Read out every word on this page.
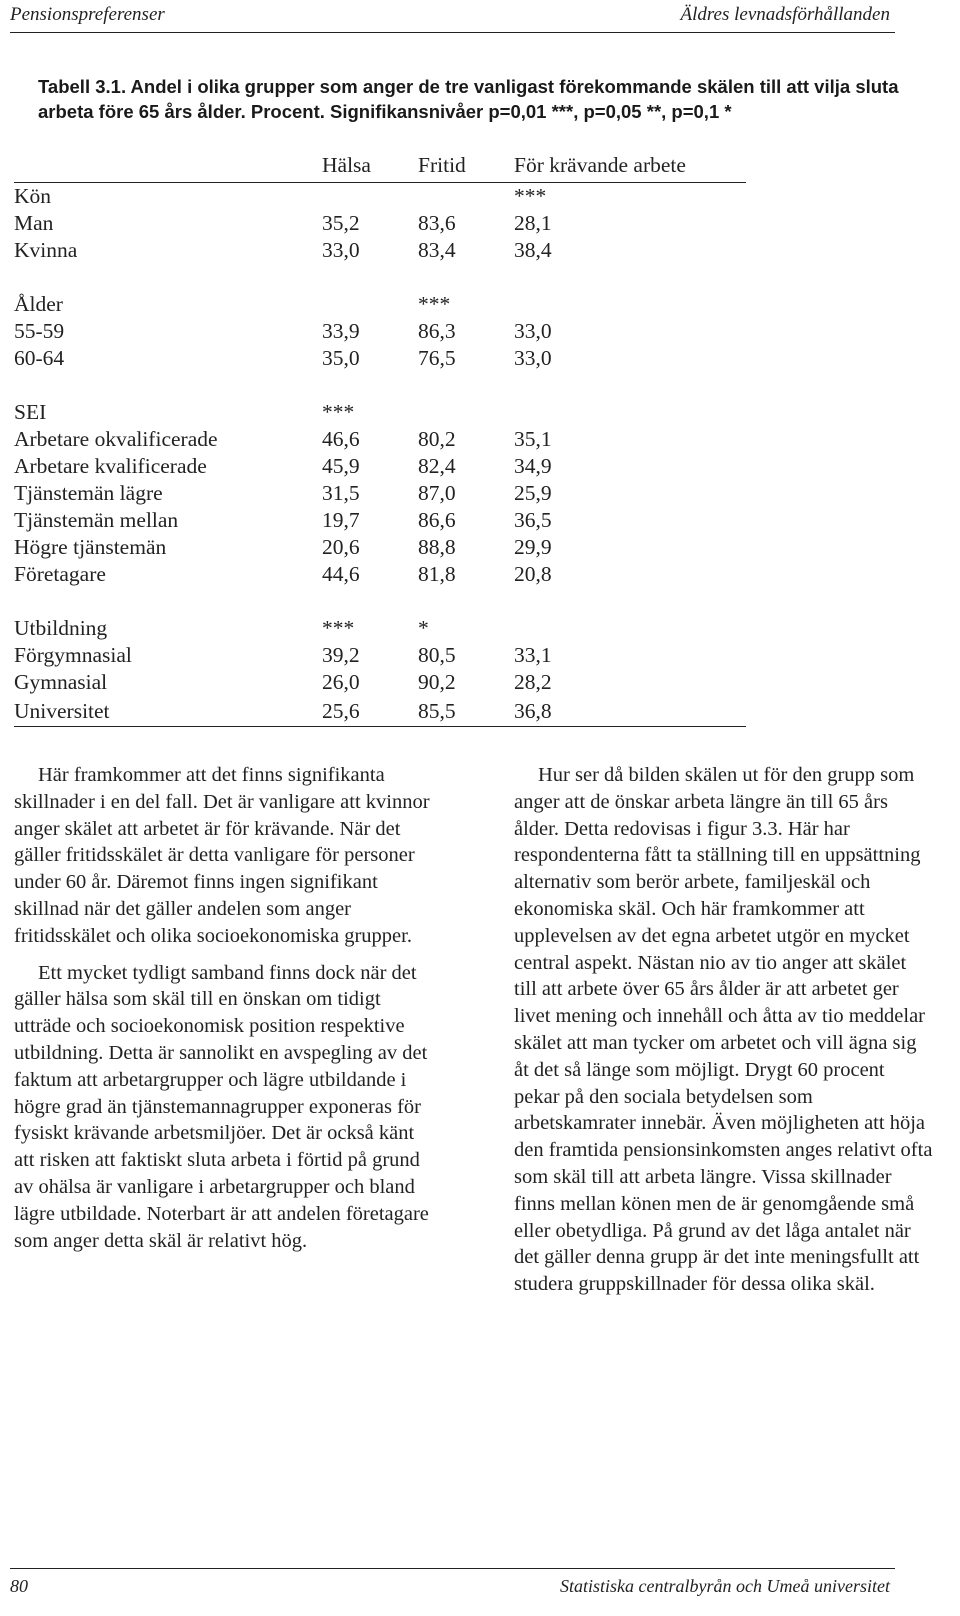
Pensionspreferenser	Äldres levnadsförhållanden
Tabell 3.1. Andel i olika grupper som anger de tre vanligast förekommande skälen till att vilja sluta arbeta före 65 års ålder. Procent. Signifikansnivåer p=0,01 ***, p=0,05 **, p=0,1 *
	Hälsa	Fritid	För krävande arbete
Kön			***
Man	35,2	83,6	28,1
Kvinna	33,0	83,4	38,4

Ålder		***	
55-59	33,9	86,3	33,0
60-64	35,0	76,5	33,0

SEI	***		
Arbetare okvalificerade	46,6	80,2	35,1
Arbetare kvalificerade	45,9	82,4	34,9
Tjänstemän lägre	31,5	87,0	25,9
Tjänstemän mellan	19,7	86,6	36,5
Högre tjänstemän	20,6	88,8	29,9
Företagare	44,6	81,8	20,8

Utbildning	***	*	
Förgymnasial	39,2	80,5	33,1
Gymnasial	26,0	90,2	28,2
Universitet	25,6	85,5	36,8

Här framkommer att det finns signifikanta skillnader i en del fall. Det är vanligare att kvinnor anger skälet att arbetet är för krävande. När det gäller fritidsskälet är detta vanligare för personer under 60 år. Däremot finns ingen signifikant skillnad när det gäller andelen som anger fritidsskälet och olika socioekonomiska grupper.

Ett mycket tydligt samband finns dock när det gäller hälsa som skäl till en önskan om tidigt utträde och socioekonomisk position respektive utbildning. Detta är sannolikt en avspegling av det faktum att arbetargrupper och lägre utbildande i högre grad än tjänstemannagrupper exponeras för fysiskt krävande arbetsmiljöer. Det är också känt att risken att faktiskt sluta arbeta i förtid på grund av ohälsa är vanligare i arbetargrupper och bland lägre utbildade. Noterbart är att andelen företagare som anger detta skäl är relativt hög.

Hur ser då bilden skälen ut för den grupp som anger att de önskar arbeta längre än till 65 års ålder. Detta redovisas i figur 3.3. Här har respondenterna fått ta ställning till en uppsättning alternativ som berör arbete, familjeskäl och ekonomiska skäl. Och här framkommer att upplevelsen av det egna arbetet utgör en mycket central aspekt. Nästan nio av tio anger att skälet till att arbete över 65 års ålder är att arbetet ger livet mening och innehåll och åtta av tio meddelar skälet att man tycker om arbetet och vill ägna sig åt det så länge som möjligt. Drygt 60 procent pekar på den sociala betydelsen som arbetskamrater innebär. Även möjligheten att höja den framtida pensionsinkomsten anges relativt ofta som skäl till att arbeta längre. Vissa skillnader finns mellan könen men de är genomgående små eller obetydliga. På grund av det låga antalet när det gäller denna grupp är det inte meningsfullt att studera gruppskillnader för dessa olika skäl.

80	Statistiska centralbyrån och Umeå universitet
